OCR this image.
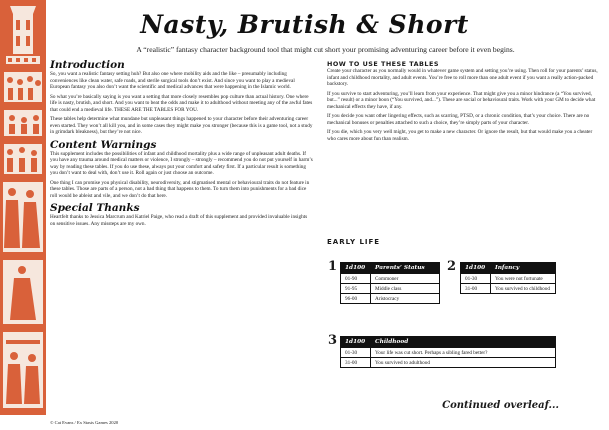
Nasty, Brutish & Short
A “realistic” fantasy character background tool that might cut short your promising adventuring career before it even begins.
Introduction

So, you want a realistic fantasy setting huh? But also one where mobility aids and the like – presumably including conveniences like clean water, safe roads, and sterile surgical tools don’t exist. And since you want to play a medieval European fantasy you also don’t want the scientific and medical advances that were happening in the Islamic world.

So what you’re basically saying is you want a setting that more closely resembles pop culture than actual history. One where life is nasty, brutish, and short. And you want to beat the odds and make it to adulthood without meeting any of the awful fates that could end a medieval life. THESE ARE THE TABLES FOR YOU.

These tables help determine what mundane but unpleasant things happened to your character before their adventuring career even started. They won’t all kill you, and in some cases they might make you stronger (because this is a game tool, not a study in grimdark bleakness), but they’re not nice.

Content Warnings

This supplement includes the possibilities of infant and childhood mortality plus a wide range of unpleasant adult deaths. If you have any trauma around medical matters or violence, I strongly – strongly – recommend you do not put yourself in harm’s way by reading these tables. If you do use these, always put your comfort and safety first. If a particular result is something you don’t want to deal with, don’t use it. Roll again or just choose an outcome.

One thing I can promise you physical disability, neurodiversity, and stigmatised mental or behavioural traits do not feature in these tables. Those are parts of a person, not a bad thing that happens to them. To turn them into punishments for a bad dice roll would be ableist and vile, and we don’t do that here.

Special Thanks

Heartfelt thanks to Jessica Marcrum and Katriel Paige, who read a draft of this supplement and provided invaluable insights on sensitive issues. Any missteps are my own.

HOW TO USE THESE TABLES

Create your character as you normally would in whatever game system and setting you’re using. Then roll for your parents’ status, infant and childhood mortality, and adult events. You’re free to roll more than one adult event if you want a really action-packed backstory.

If you survive to start adventuring, you’ll learn from your experience. That might give you a minor hindrance (a “You survived, but...” result) or a minor boon (“You survived, and...”). These are social or behavioural traits. Work with your GM to decide what mechanical effects they have, if any.

If you decide you want other lingering effects, such as scarring, PTSD, or a chronic condition, that’s your choice. There are no mechanical bonuses or penalties attached to such a choice, they’re simply parts of your character.

If you die, which you very well might, you get to make a new character. Or ignore the result, but that would make you a cheater who cares more about fun than realism.

EARLY LIFE
1 1d100	Parents’ Status
01-90	Commoner
91-95	Middle class
96-00	Aristocracy
2 1d100	Infancy
01-30	You were not fortunate
31-00	You survived to childhood
3 1d100	Childhood
01-30	Your life was cut short. Perhaps a sibling fared better?
31-00	You survived to adulthood
Continued overleaf...
© Cat Evans / Ex Stasis Games 2020
